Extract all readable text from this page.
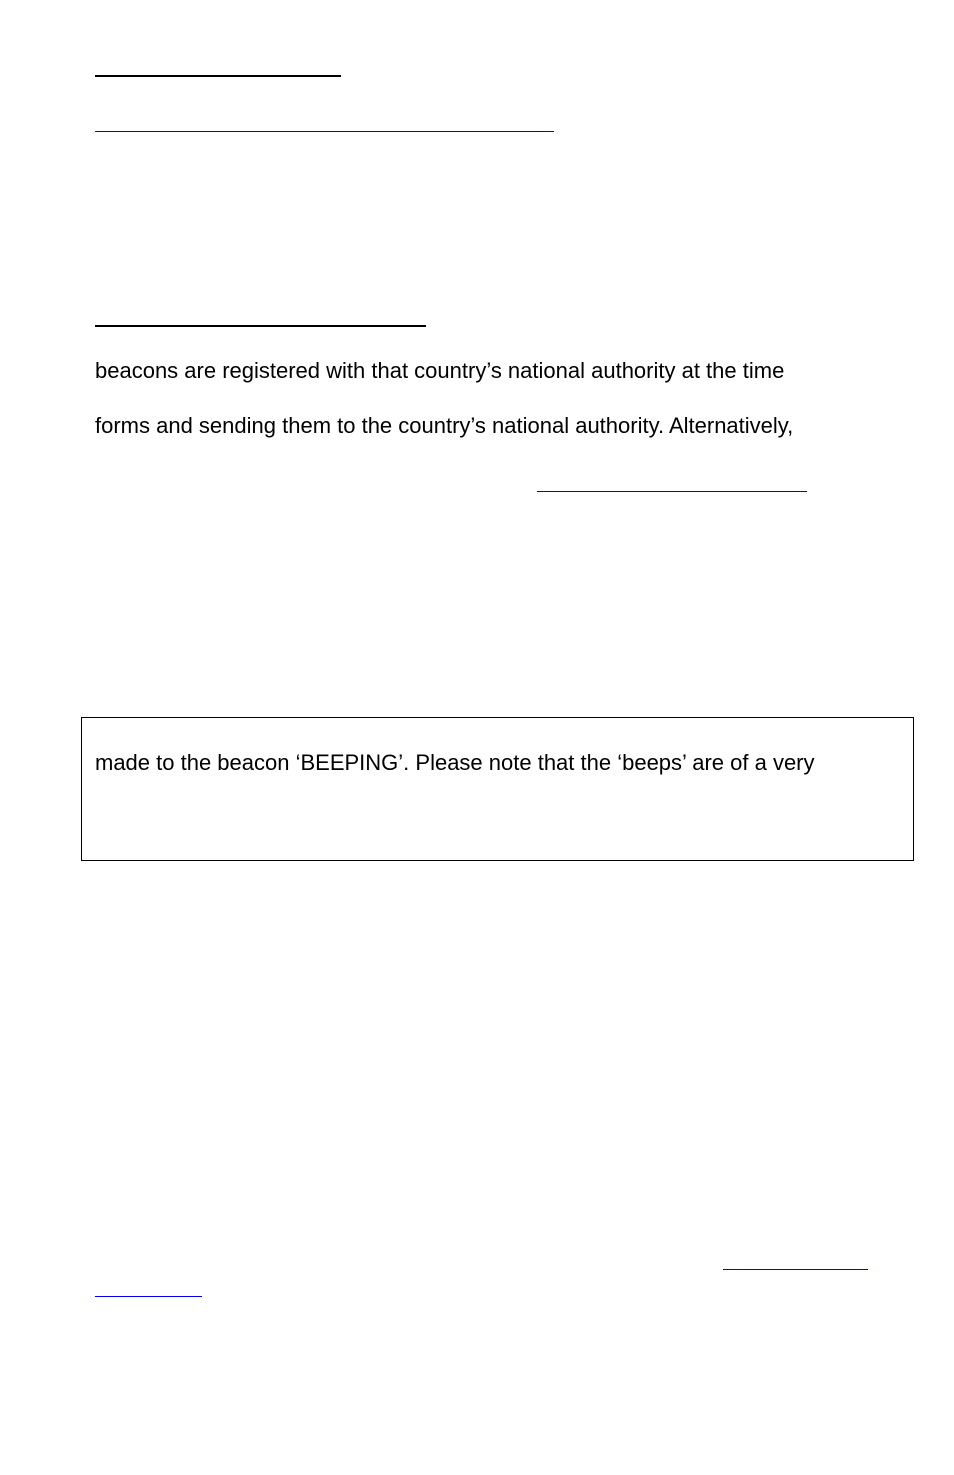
beacons are registered with that country’s national authority at the time
forms and sending them to the country’s national authority. Alternatively,
made to the beacon ‘BEEPING’. Please note that the ‘beeps’ are of a very
